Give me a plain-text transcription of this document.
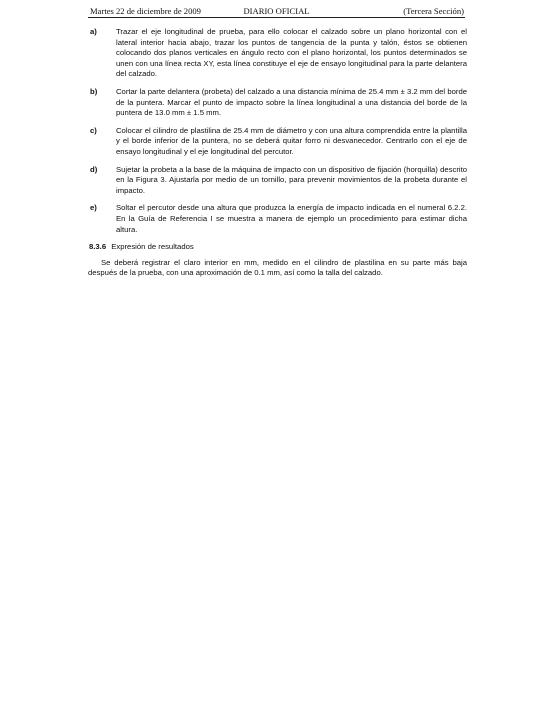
Martes 22 de diciembre de 2009	DIARIO OFICIAL	(Tercera Sección)
a)	Trazar el eje longitudinal de prueba, para ello colocar el calzado sobre un plano horizontal con el lateral interior hacia abajo, trazar los puntos de tangencia de la punta y talón, éstos se obtienen colocando dos planos verticales en ángulo recto con el plano horizontal, los puntos determinados se unen con una línea recta XY, esta línea constituye el eje de ensayo longitudinal para la parte delantera del calzado.
b)	Cortar la parte delantera (probeta) del calzado a una distancia mínima de 25.4 mm ± 3.2 mm del borde de la puntera. Marcar el punto de impacto sobre la línea longitudinal a una distancia del borde de la puntera de 13.0 mm ± 1.5 mm.
c)	Colocar el cilindro de plastilina de 25.4 mm de diámetro y con una altura comprendida entre la plantilla y el borde inferior de la puntera, no se deberá quitar forro ni desvanecedor. Centrarlo con el eje de ensayo longitudinal y el eje longitudinal del percutor.
d)	Sujetar la probeta a la base de la máquina de impacto con un dispositivo de fijación (horquilla) descrito en la Figura 3. Ajustarla por medio de un tornillo, para prevenir movimientos de la probeta durante el impacto.
e)	Soltar el percutor desde una altura que produzca la energía de impacto indicada en el numeral 6.2.2. En la Guía de Referencia I se muestra a manera de ejemplo un procedimiento para estimar dicha altura.
8.3.6 Expresión de resultados
Se deberá registrar el claro interior en mm, medido en el cilindro de plastilina en su parte más baja después de la prueba, con una aproximación de 0.1 mm, así como la talla del calzado.
